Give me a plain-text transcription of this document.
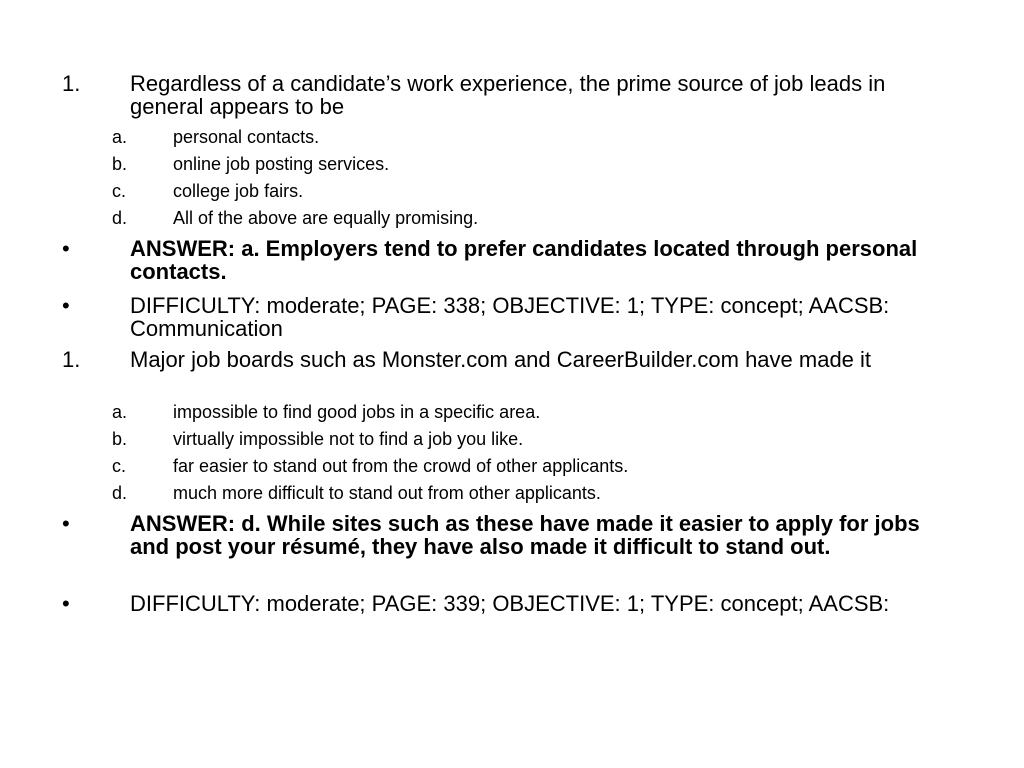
1. Regardless of a candidate’s work experience, the prime source of job leads in general appears to be
a.	personal contacts.
b.	online job posting services.
c.	college job fairs.
d.	All of the above are equally promising.
•	ANSWER: a. Employers tend to prefer candidates located through personal contacts.
•	DIFFICULTY: moderate; PAGE: 338; OBJECTIVE: 1; TYPE: concept; AACSB: Communication
1. Major job boards such as Monster.com and CareerBuilder.com have made it
a.	impossible to find good jobs in a specific area.
b.	virtually impossible not to find a job you like.
c.	far easier to stand out from the crowd of other applicants.
d.	much more difficult to stand out from other applicants.
•	ANSWER: d. While sites such as these have made it easier to apply for jobs and post your résumé, they have also made it difficult to stand out.
•	DIFFICULTY: moderate; PAGE: 339; OBJECTIVE: 1; TYPE: concept; AACSB:
